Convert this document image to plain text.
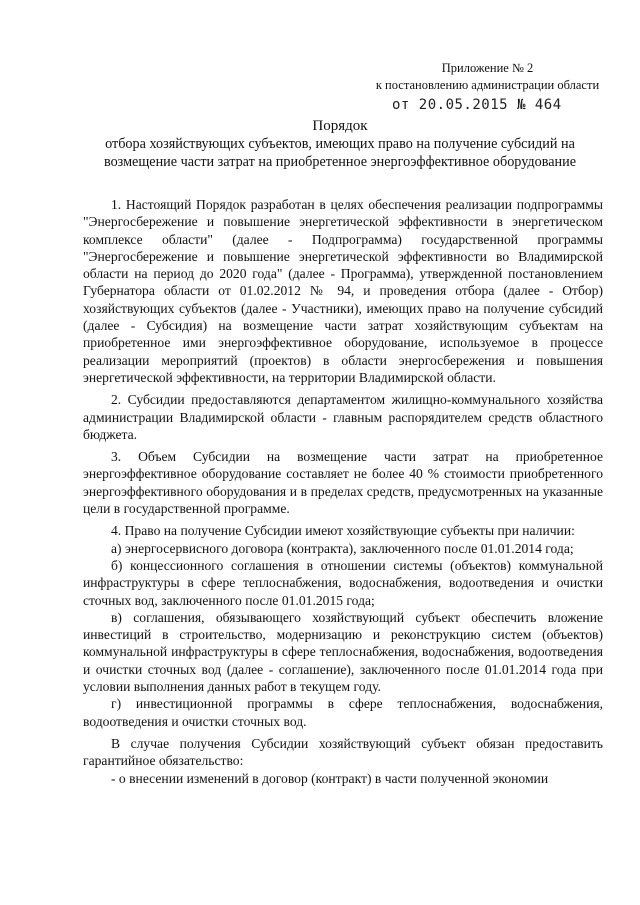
Приложение № 2
к постановлению администрации области
от 20.05.2015 № 464
Порядок
отбора хозяйствующих субъектов, имеющих право на получение субсидий на
возмещение части затрат на приобретенное энергоэффективное оборудование

1. Настоящий Порядок разработан в целях обеспечения реализации подпрограммы "Энергосбережение и повышение энергетической эффективности в энергетическом комплексе области" (далее - Подпрограмма) государственной программы "Энергосбережение и повышение энергетической эффективности во Владимирской области на период до 2020 года" (далее - Программа), утвержденной постановлением Губернатора области от 01.02.2012 № 94, и проведения отбора (далее - Отбор) хозяйствующих субъектов (далее - Участники), имеющих право на получение субсидий (далее - Субсидия) на возмещение части затрат хозяйствующим субъектам на приобретенное ими энергоэффективное оборудование, используемое в процессе реализации мероприятий (проектов) в области энергосбережения и повышения энергетической эффективности, на территории Владимирской области.

2. Субсидии предоставляются департаментом жилищно-коммунального хозяйства администрации Владимирской области - главным распорядителем средств областного бюджета.

3. Объем Субсидии на возмещение части затрат на приобретенное энергоэффективное оборудование составляет не более 40 % стоимости приобретенного энергоэффективного оборудования и в пределах средств, предусмотренных на указанные цели в государственной программе.

4. Право на получение Субсидии имеют хозяйствующие субъекты при наличии:

а) энергосервисного договора (контракта), заключенного после 01.01.2014 года;

б) концессионного соглашения в отношении системы (объектов) коммунальной инфраструктуры в сфере теплоснабжения, водоснабжения, водоотведения и очистки сточных вод, заключенного после 01.01.2015 года;

в) соглашения, обязывающего хозяйствующий субъект обеспечить вложение инвестиций в строительство, модернизацию и реконструкцию систем (объектов) коммунальной инфраструктуры в сфере теплоснабжения, водоснабжения, водоотведения и очистки сточных вод (далее - соглашение), заключенного после 01.01.2014 года при условии выполнения данных работ в текущем году.

г) инвестиционной программы в сфере теплоснабжения, водоснабжения, водоотведения и очистки сточных вод.

В случае получения Субсидии хозяйствующий субъект обязан предоставить гарантийное обязательство:

- о внесении изменений в договор (контракт) в части полученной экономии
